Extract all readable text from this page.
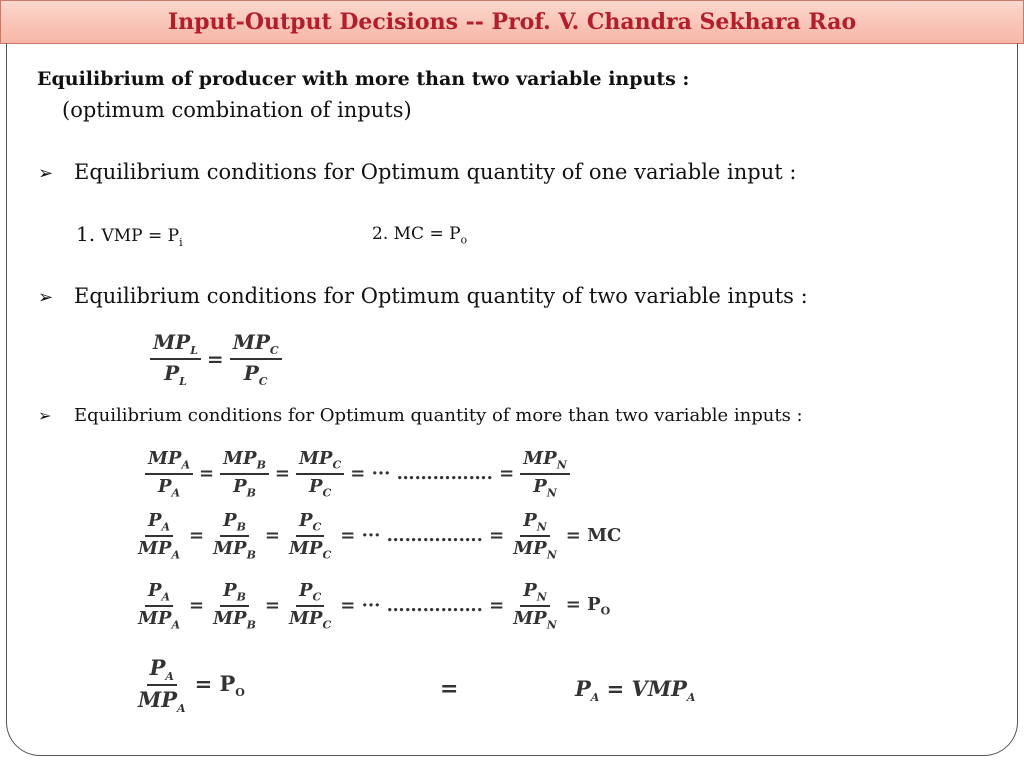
Input-Output Decisions -- Prof. V. Chandra Sekhara Rao
Equilibrium of producer with more than two variable inputs :
(optimum combination of inputs)
➢ Equilibrium conditions for Optimum quantity of one variable input :
1. VMP = $P_i$	2. MC = $P_o$
➢ Equilibrium conditions for Optimum quantity of two variable inputs :
$\frac{MP_L}{P_L} = \frac{MP_C}{P_C}$
➢ Equilibrium conditions for Optimum quantity of more than two variable inputs :
$\frac{MP_A}{P_A} = \frac{MP_B}{P_B} = \frac{MP_C}{P_C}$ = ··· ……………. = $\frac{MP_N}{P_N}$
$\frac{P_A}{MP_A} = \frac{P_B}{MP_B} = \frac{P_C}{MP_C}$ = ··· ……………. = $\frac{P_N}{MP_N}$ = MC
$\frac{P_A}{MP_A} = \frac{P_B}{MP_B} = \frac{P_C}{MP_C}$ = ··· ……………. = $\frac{P_N}{MP_N} = P_O$
$\frac{P_A}{MP_A} = P_O$	=	$P_A = VMP_A$
